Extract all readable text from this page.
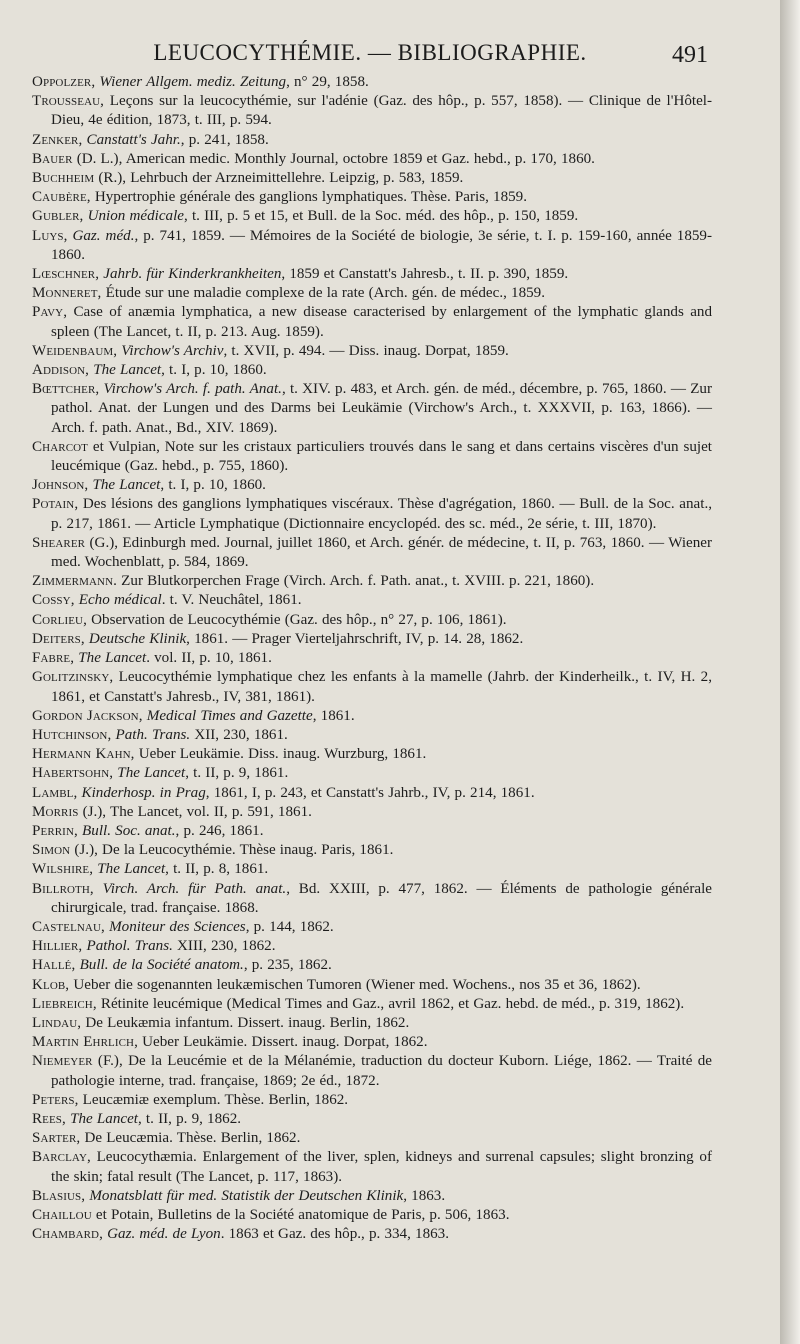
LEUCOCYTHÉMIE. — BIBLIOGRAPHIE.	491
Oppolzer, Wiener Allgem. mediz. Zeitung, n° 29, 1858.
Trousseau, Leçons sur la leucocythémie, sur l'adénie (Gaz. des hôp., p. 557, 1858). — Clinique de l'Hôtel-Dieu, 4e édition, 1873, t. III, p. 594.
Zenker, Canstatt's Jahr., p. 241, 1858.
Bauer (D. L.), American medic. Monthly Journal, octobre 1859 et Gaz. hebd., p. 170, 1860.
Buchheim (R.), Lehrbuch der Arzneimittellehre. Leipzig, p. 583, 1859.
Caubère, Hypertrophie générale des ganglions lymphatiques. Thèse. Paris, 1859.
Gubler, Union médicale, t. III, p. 5 et 15, et Bull. de la Soc. méd. des hôp., p. 150, 1859.
Luys, Gaz. méd., p. 741, 1859. — Mémoires de la Société de biologie, 3e série, t. I. p. 159-160, année 1859-1860.
Lœschner, Jahrb. für Kinderkrankheiten, 1859 et Canstatt's Jahresb., t. II. p. 390, 1859.
Monneret, Étude sur une maladie complexe de la rate (Arch. gén. de médec., 1859.
Pavy, Case of anæmia lymphatica, a new disease caracterised by enlargement of the lymphatic glands and spleen (The Lancet, t. II, p. 213. Aug. 1859).
Weidenbaum, Virchow's Archiv, t. XVII, p. 494. — Diss. inaug. Dorpat, 1859.
Addison, The Lancet, t. I, p. 10, 1860.
Bœttcher, Virchow's Arch. f. path. Anat., t. XIV. p. 483, et Arch. gén. de méd., décembre, p. 765, 1860. — Zur pathol. Anat. der Lungen und des Darms bei Leukämie (Virchow's Arch., t. XXXVII, p. 163, 1866). — Arch. f. path. Anat., Bd., XIV. 1869).
Charcot et Vulpian, Note sur les cristaux particuliers trouvés dans le sang et dans certains viscères d'un sujet leucémique (Gaz. hebd., p. 755, 1860).
Johnson, The Lancet, t. I, p. 10, 1860.
Potain, Des lésions des ganglions lymphatiques viscéraux. Thèse d'agrégation, 1860. — Bull. de la Soc. anat., p. 217, 1861. — Article Lymphatique (Dictionnaire encyclopéd. des sc. méd., 2e série, t. III, 1870).
Shearer (G.), Edinburgh med. Journal, juillet 1860, et Arch. génér. de médecine, t. II, p. 763, 1860. — Wiener med. Wochenblatt, p. 584, 1869.
Zimmermann. Zur Blutkorperchen Frage (Virch. Arch. f. Path. anat., t. XVIII. p. 221, 1860).
Cossy, Echo médical. t. V. Neuchâtel, 1861.
Corlieu, Observation de Leucocythémie (Gaz. des hôp., n° 27, p. 106, 1861).
Deiters, Deutsche Klinik, 1861. — Prager Vierteljahrschrift, IV, p. 14. 28, 1862.
Fabre, The Lancet. vol. II, p. 10, 1861.
Golitzinsky, Leucocythémie lymphatique chez les enfants à la mamelle (Jahrb. der Kinderheilk., t. IV, H. 2, 1861, et Canstatt's Jahresb., IV, 381, 1861).
Gordon Jackson, Medical Times and Gazette, 1861.
Hutchinson, Path. Trans. XII, 230, 1861.
Hermann Kahn, Ueber Leukämie. Diss. inaug. Wurzburg, 1861.
Habertsohn, The Lancet, t. II, p. 9, 1861.
Lambl, Kinderhosp. in Prag, 1861, I, p. 243, et Canstatt's Jahrb., IV, p. 214, 1861.
Morris (J.), The Lancet, vol. II, p. 591, 1861.
Perrin, Bull. Soc. anat., p. 246, 1861.
Simon (J.), De la Leucocythémie. Thèse inaug. Paris, 1861.
Wilshire, The Lancet, t. II, p. 8, 1861.
Billroth, Virch. Arch. für Path. anat., Bd. XXIII, p. 477, 1862. — Éléments de pathologie générale chirurgicale, trad. française. 1868.
Castelnau, Moniteur des Sciences, p. 144, 1862.
Hillier, Pathol. Trans. XIII, 230, 1862.
Hallé, Bull. de la Société anatom., p. 235, 1862.
Klob, Ueber die sogenannten leukæmischen Tumoren (Wiener med. Wochens., nos 35 et 36, 1862).
Liebreich, Rétinite leucémique (Medical Times and Gaz., avril 1862, et Gaz. hebd. de méd., p. 319, 1862).
Lindau, De Leukæmia infantum. Dissert. inaug. Berlin, 1862.
Martin Ehrlich, Ueber Leukämie. Dissert. inaug. Dorpat, 1862.
Niemeyer (F.), De la Leucémie et de la Mélanémie, traduction du docteur Kuborn. Liége, 1862. — Traité de pathologie interne, trad. française, 1869; 2e éd., 1872.
Peters, Leucæmiæ exemplum. Thèse. Berlin, 1862.
Rees, The Lancet, t. II, p. 9, 1862.
Sarter, De Leucæmia. Thèse. Berlin, 1862.
Barclay, Leucocythæmia. Enlargement of the liver, splen, kidneys and surrenal capsules; slight bronzing of the skin; fatal result (The Lancet, p. 117, 1863).
Blasius, Monatsblatt für med. Statistik der Deutschen Klinik, 1863.
Chaillou et Potain, Bulletins de la Société anatomique de Paris, p. 506, 1863.
Chambard, Gaz. méd. de Lyon. 1863 et Gaz. des hôp., p. 334, 1863.
